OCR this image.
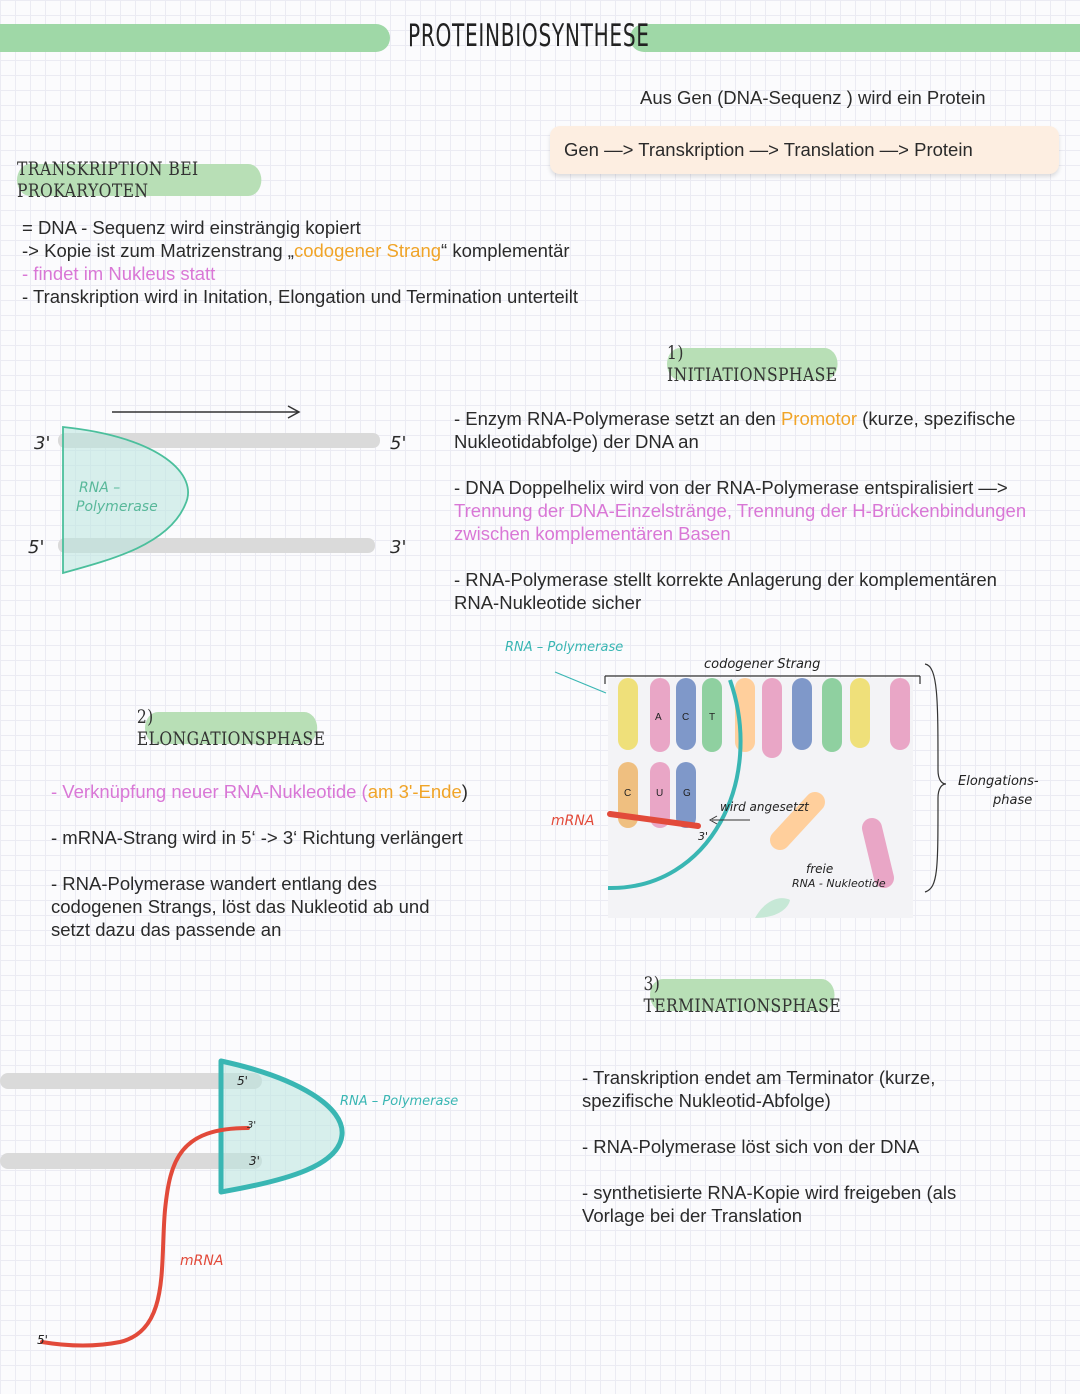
PROTEINBIOSYNTHESE
Aus Gen (DNA-Sequenz ) wird ein Protein
Gen —> Transkription —> Translation —> Protein
TRANSKRIPTION BEI PROKARYOTEN
= DNA - Sequenz wird einsträngig kopiert
-> Kopie ist zum Matrizenstrang „codogener Strang“ komplementär
- findet im Nukleus statt
- Transkription wird in Initation, Elongation und Termination unterteilt
1) INITIATIONSPHASE
- Enzym RNA-Polymerase setzt an den Promotor (kurze, spezifische
Nukleotidabfolge) der DNA an
- DNA Doppelhelix wird von der RNA-Polymerase entspiralisiert —>
Trennung der DNA-Einzelstränge, Trennung der H-Brückenbindungen
zwischen komplementären Basen
- RNA-Polymerase stellt korrekte Anlagerung der komplementären
RNA-Nukleotide sicher
3'	5'
5'	3'
RNA –
Polymerase
2) ELONGATIONSPHASE
- Verknüpfung neuer RNA-Nukleotide (am 3'-Ende)
- mRNA-Strang wird in 5‘ -> 3‘ Richtung verlängert
- RNA-Polymerase wandert entlang des
codogenen Strangs, löst das Nukleotid ab und
setzt dazu das passende an
RNA – Polymerase
codogener Strang
mRNA
A C T
C U G
wird angesetzt
3'
freie
RNA - Nukleotide
Elongations-
phase
3) TERMINATIONSPHASE
- Transkription endet am Terminator (kurze,
spezifische Nukleotid-Abfolge)
- RNA-Polymerase löst sich von der DNA
- synthetisierte RNA-Kopie wird freigeben (als
Vorlage bei der Translation
5'
3'
3'
RNA – Polymerase
mRNA
5'
